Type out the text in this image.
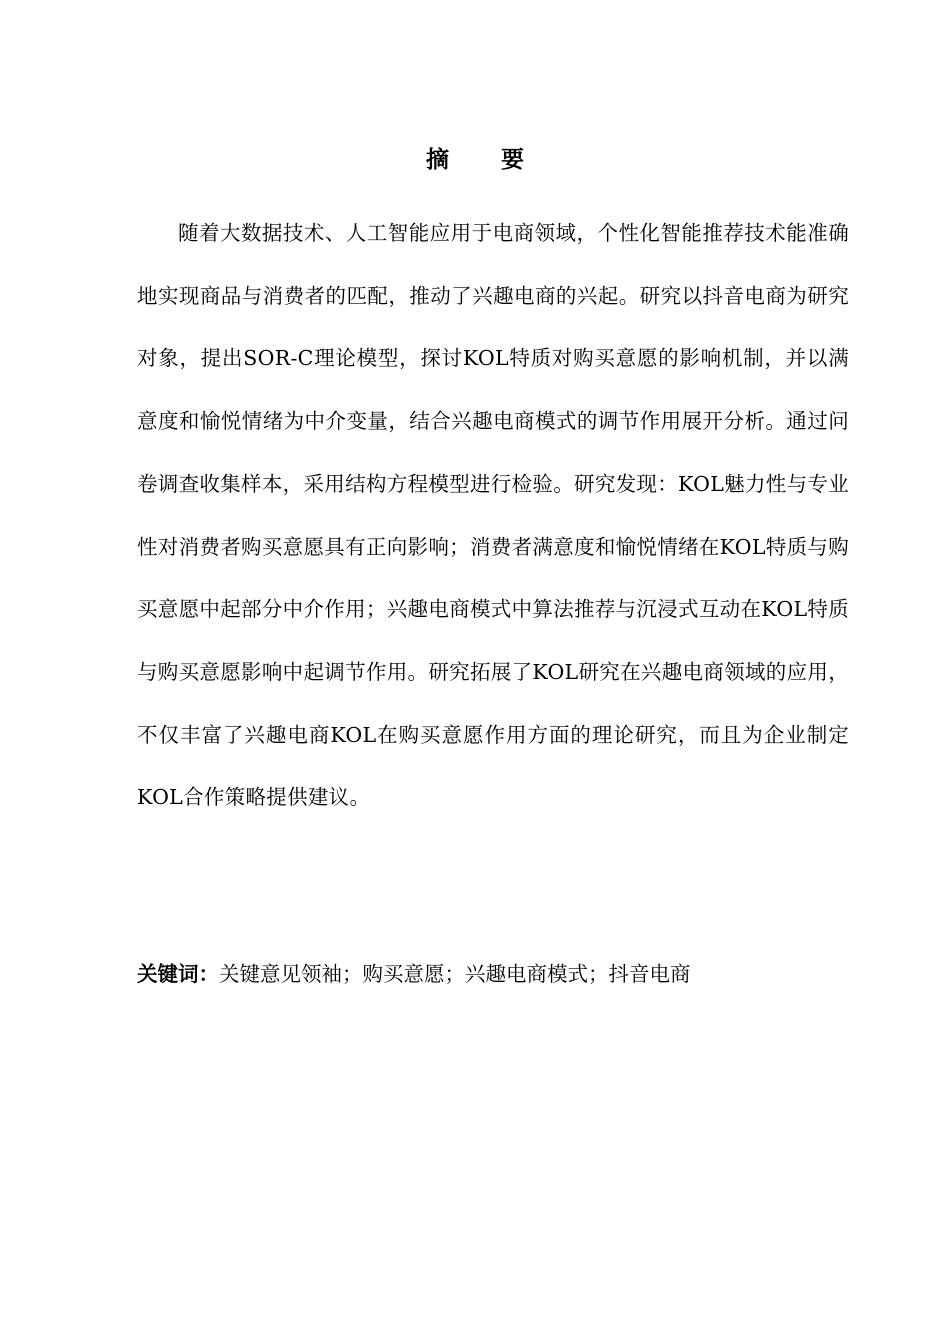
摘 要

随着大数据技术、人工智能应用于电商领域，个性化智能推荐技术能准确地实现商品与消费者的匹配，推动了兴趣电商的兴起。研究以抖音电商为研究对象，提出SOR-C理论模型，探讨KOL特质对购买意愿的影响机制，并以满意度和愉悦情绪为中介变量，结合兴趣电商模式的调节作用展开分析。通过问卷调查收集样本，采用结构方程模型进行检验。研究发现：KOL魅力性与专业性对消费者购买意愿具有正向影响；消费者满意度和愉悦情绪在KOL特质与购买意愿中起部分中介作用；兴趣电商模式中算法推荐与沉浸式互动在KOL特质与购买意愿影响中起调节作用。研究拓展了KOL研究在兴趣电商领域的应用，不仅丰富了兴趣电商KOL在购买意愿作用方面的理论研究，而且为企业制定KOL合作策略提供建议。

关键词：关键意见领袖；购买意愿；兴趣电商模式；抖音电商
